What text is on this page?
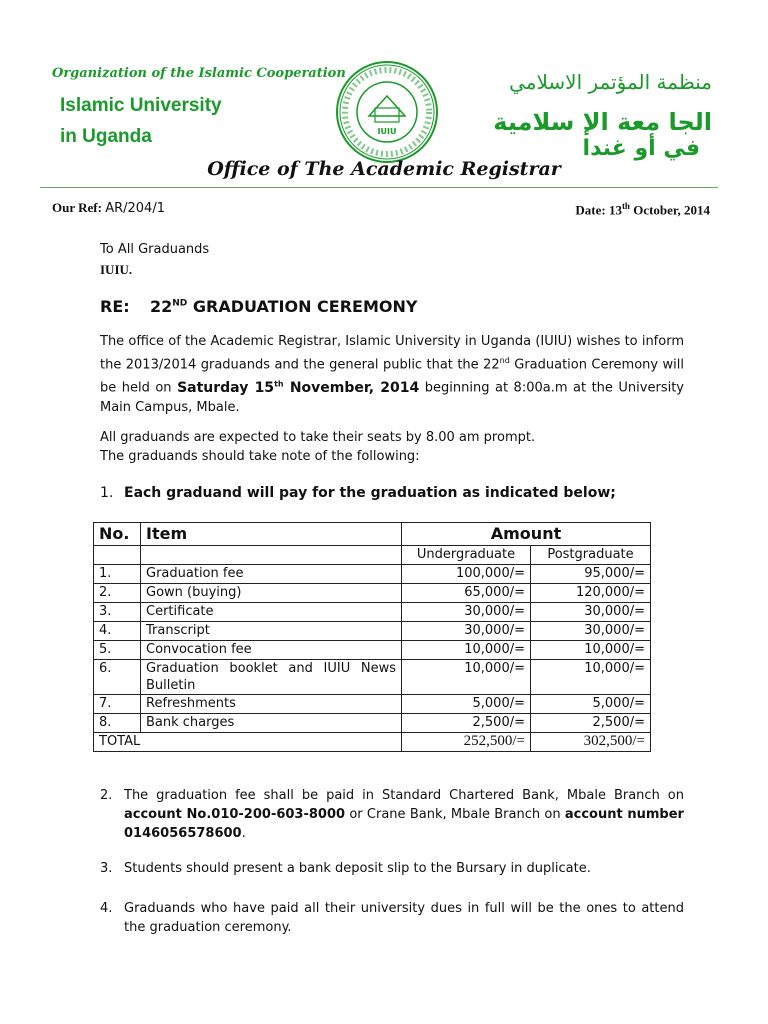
Organization of the Islamic Cooperation
Islamic University
in Uganda	IUIU
منظمة المؤتمر الاسلامي
الجا معة الإ سلامية
في أو غندا
Office of The Academic Registrar
Our Ref: AR/204/1	Date: 13th October, 2014
To All Graduands
IUIU.
RE: 22ND GRADUATION CEREMONY
The office of the Academic Registrar, Islamic University in Uganda (IUIU) wishes to inform the 2013/2014 graduands and the general public that the 22nd Graduation Ceremony will be held on Saturday 15th November, 2014 beginning at 8:00a.m at the University Main Campus, Mbale.
All graduands are expected to take their seats by 8.00 am prompt.
The graduands should take note of the following:
1. Each graduand will pay for the graduation as indicated below;
No.	Item	Amount	
		Undergraduate	Postgraduate
1.	Graduation fee	100,000/=	95,000/=
2.	Gown (buying)	65,000/=	120,000/=
3.	Certificate	30,000/=	30,000/=
4.	Transcript	30,000/=	30,000/=
5.	Convocation fee	10,000/=	10,000/=
6.	Graduation booklet and IUIU News Bulletin	10,000/=	10,000/=
7.	Refreshments	5,000/=	5,000/=
8.	Bank charges	2,500/=	2,500/=
TOTAL		252,500/=	302,500/=
2. The graduation fee shall be paid in Standard Chartered Bank, Mbale Branch on account No.010-200-603-8000 or Crane Bank, Mbale Branch on account number 0146056578600.
3. Students should present a bank deposit slip to the Bursary in duplicate.
4. Graduands who have paid all their university dues in full will be the ones to attend the graduation ceremony.
